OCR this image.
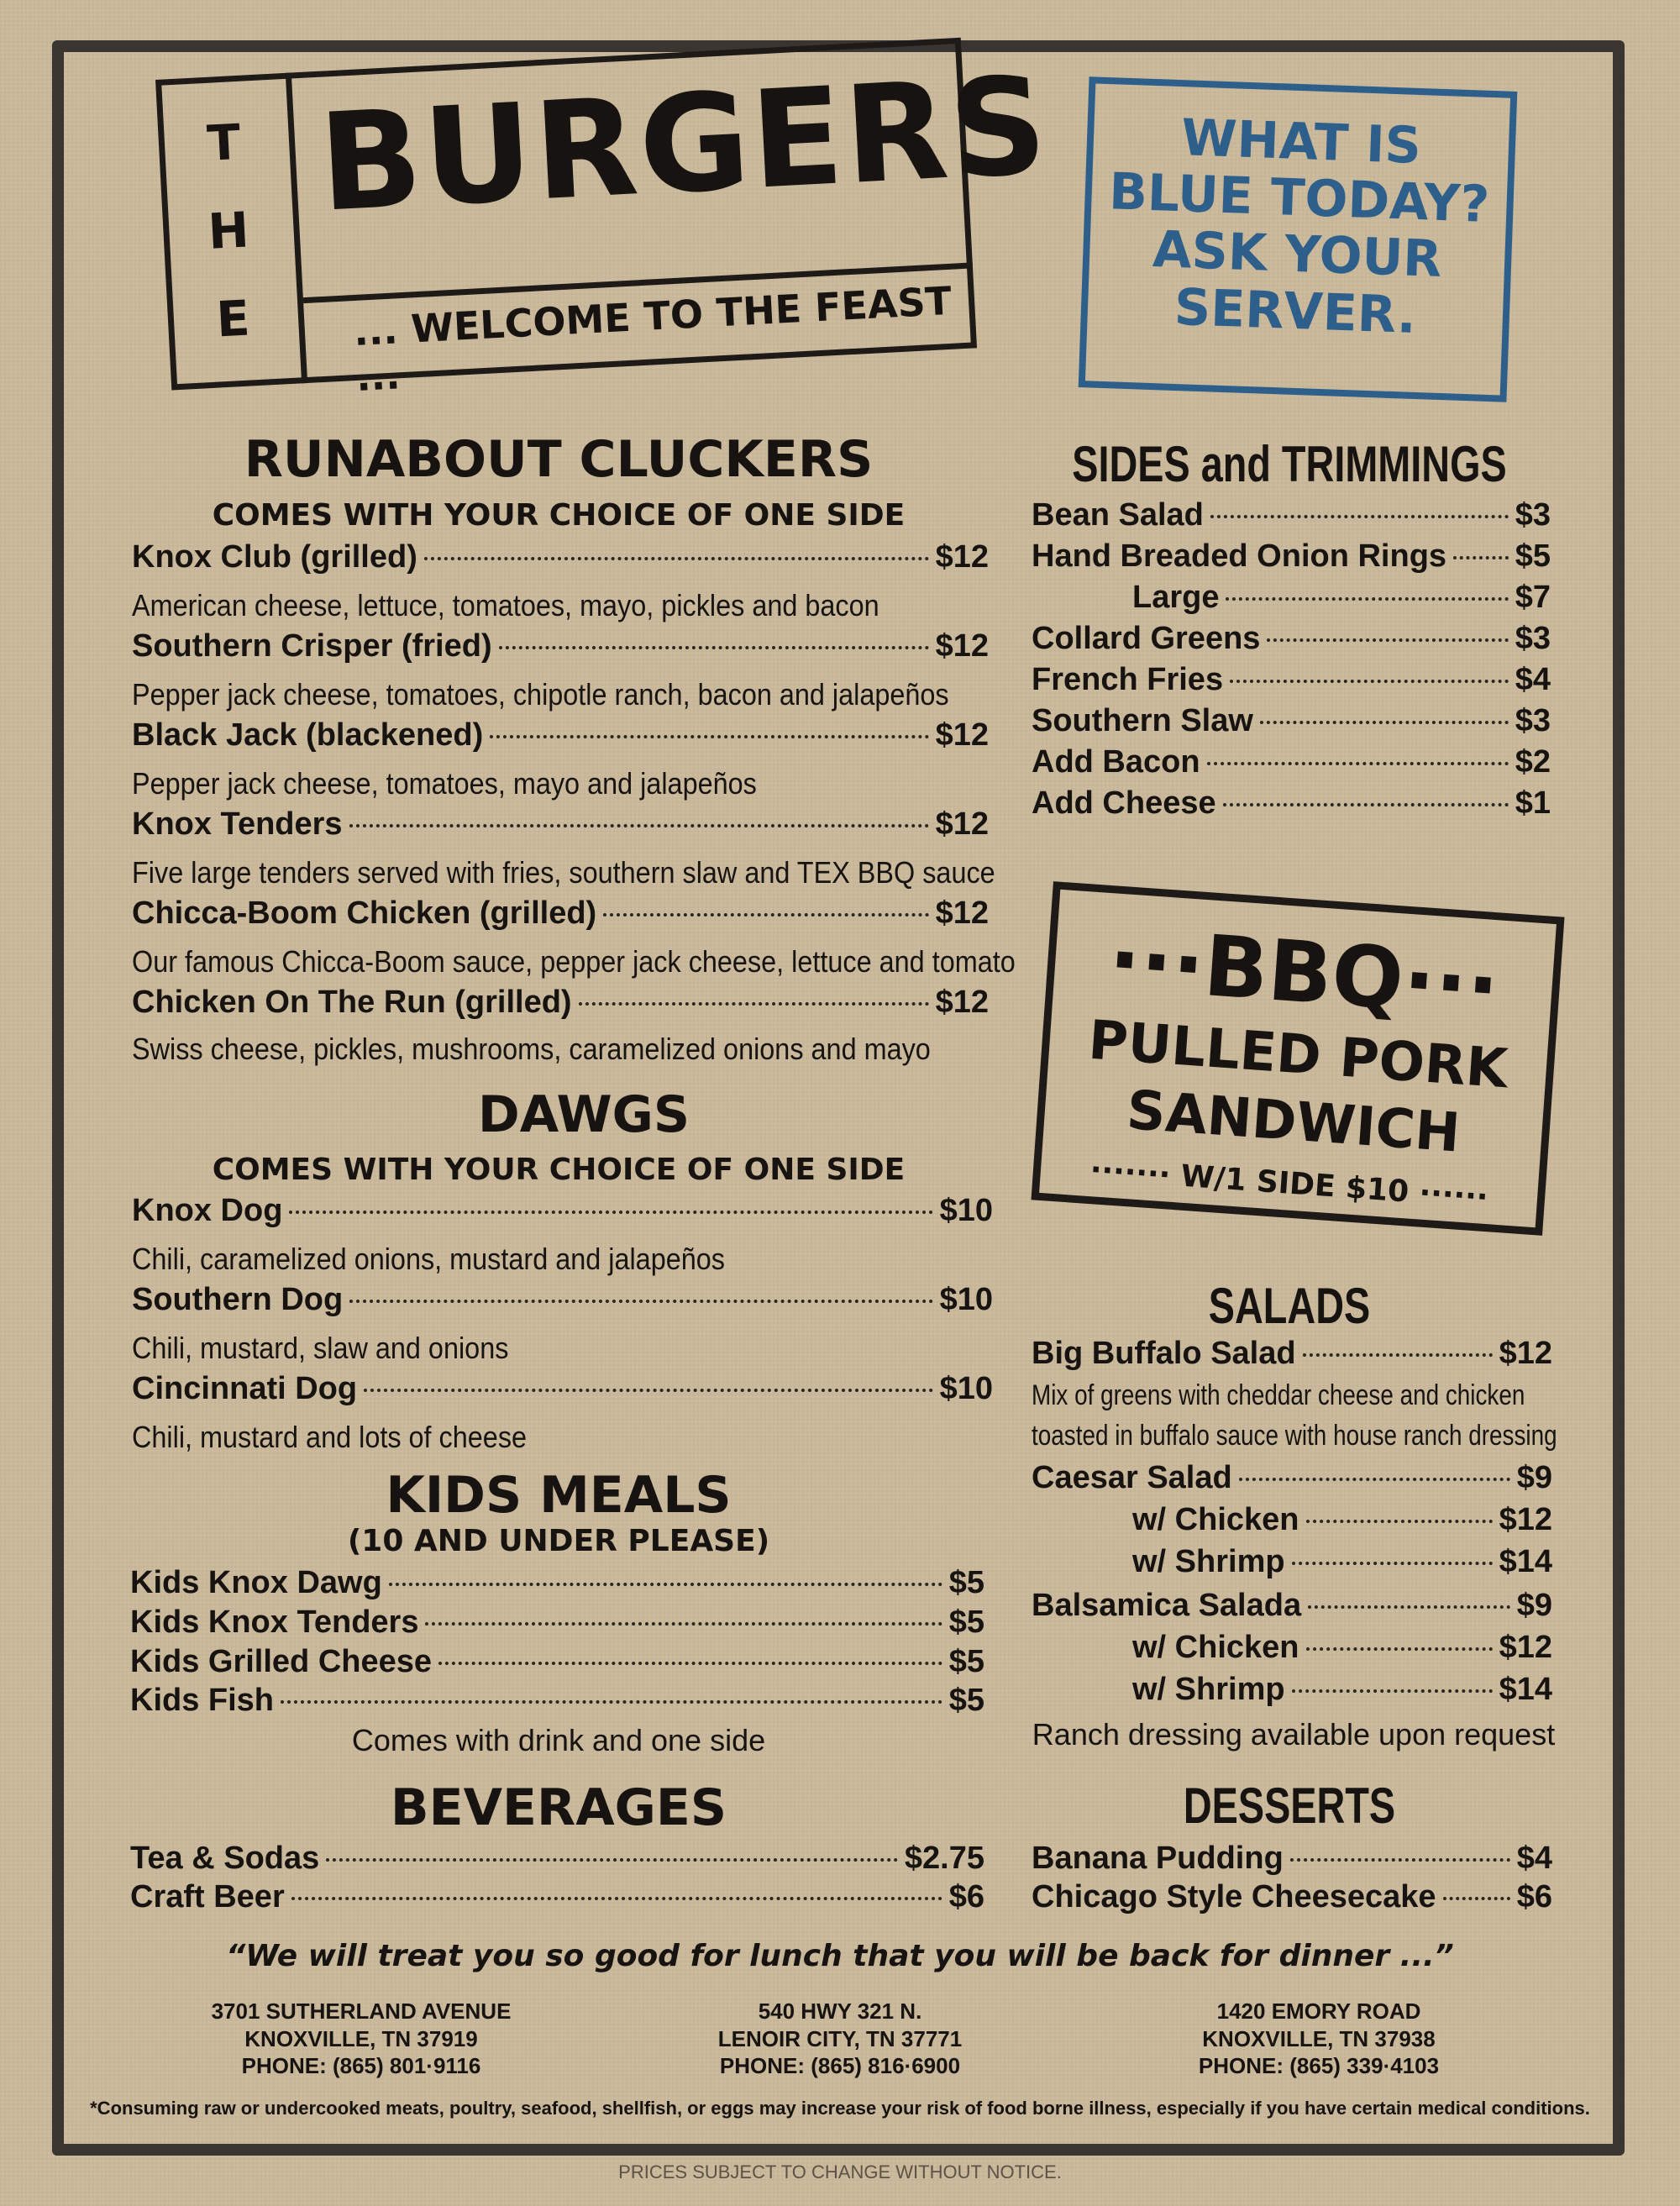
T
H
E
BURGERS
... WELCOME TO THE FEAST ...
WHAT IS
BLUE TODAY?
ASK YOUR
SERVER.
RUNABOUT CLUCKERS
COMES WITH YOUR CHOICE OF ONE SIDE
Knox Club (grilled)	$12
American cheese, lettuce, tomatoes, mayo, pickles and bacon
Southern Crisper (fried)	$12
Pepper jack cheese, tomatoes, chipotle ranch, bacon and jalapeños
Black Jack (blackened)	$12
Pepper jack cheese, tomatoes, mayo and jalapeños
Knox Tenders	$12
Five large tenders served with fries, southern slaw and TEX BBQ sauce
Chicca-Boom Chicken (grilled)	$12
Our famous Chicca-Boom sauce, pepper jack cheese, lettuce and tomato
Chicken On The Run (grilled)	$12
Swiss cheese, pickles, mushrooms, caramelized onions and mayo
DAWGS
COMES WITH YOUR CHOICE OF ONE SIDE
Knox Dog	$10
Chili, caramelized onions, mustard and jalapeños
Southern Dog	$10
Chili, mustard, slaw and onions
Cincinnati Dog	$10
Chili, mustard and lots of cheese
KIDS MEALS
(10 AND UNDER PLEASE)
Kids Knox Dawg	$5
Kids Knox Tenders	$5
Kids Grilled Cheese	$5
Kids Fish	$5
Comes with drink and one side
BEVERAGES
Tea & Sodas	$2.75
Craft Beer	$6
SIDES and TRIMMINGS
Bean Salad	$3
Hand Breaded Onion Rings $5
Large	$7
Collard Greens	$3
French Fries	$4
Southern Slaw	$3
Add Bacon	$2
Add Cheese	$1
···BBQ···
PULLED PORK
SANDWICH
······· W/1 SIDE $10 ······
SALADS
Big Buffalo Salad	$12
Mix of greens with cheddar cheese and chicken
toasted in buffalo sauce with house ranch dressing
Caesar Salad	$9
w/ Chicken	$12
w/ Shrimp	$14
Balsamica Salada	$9
w/ Chicken	$12
w/ Shrimp	$14
Ranch dressing available upon request
DESSERTS
Banana Pudding	$4
Chicago Style Cheesecake	$6
“We will treat you so good for lunch that you will be back for dinner ...”
3701 SUTHERLAND AVENUE
KNOXVILLE, TN 37919
PHONE: (865) 801·9116
540 HWY 321 N.
LENOIR CITY, TN 37771
PHONE: (865) 816·6900
1420 EMORY ROAD
KNOXVILLE, TN 37938
PHONE: (865) 339·4103
*Consuming raw or undercooked meats, poultry, seafood, shellfish, or eggs may increase your risk of food borne illness, especially if you have certain medical conditions.
PRICES SUBJECT TO CHANGE WITHOUT NOTICE.
